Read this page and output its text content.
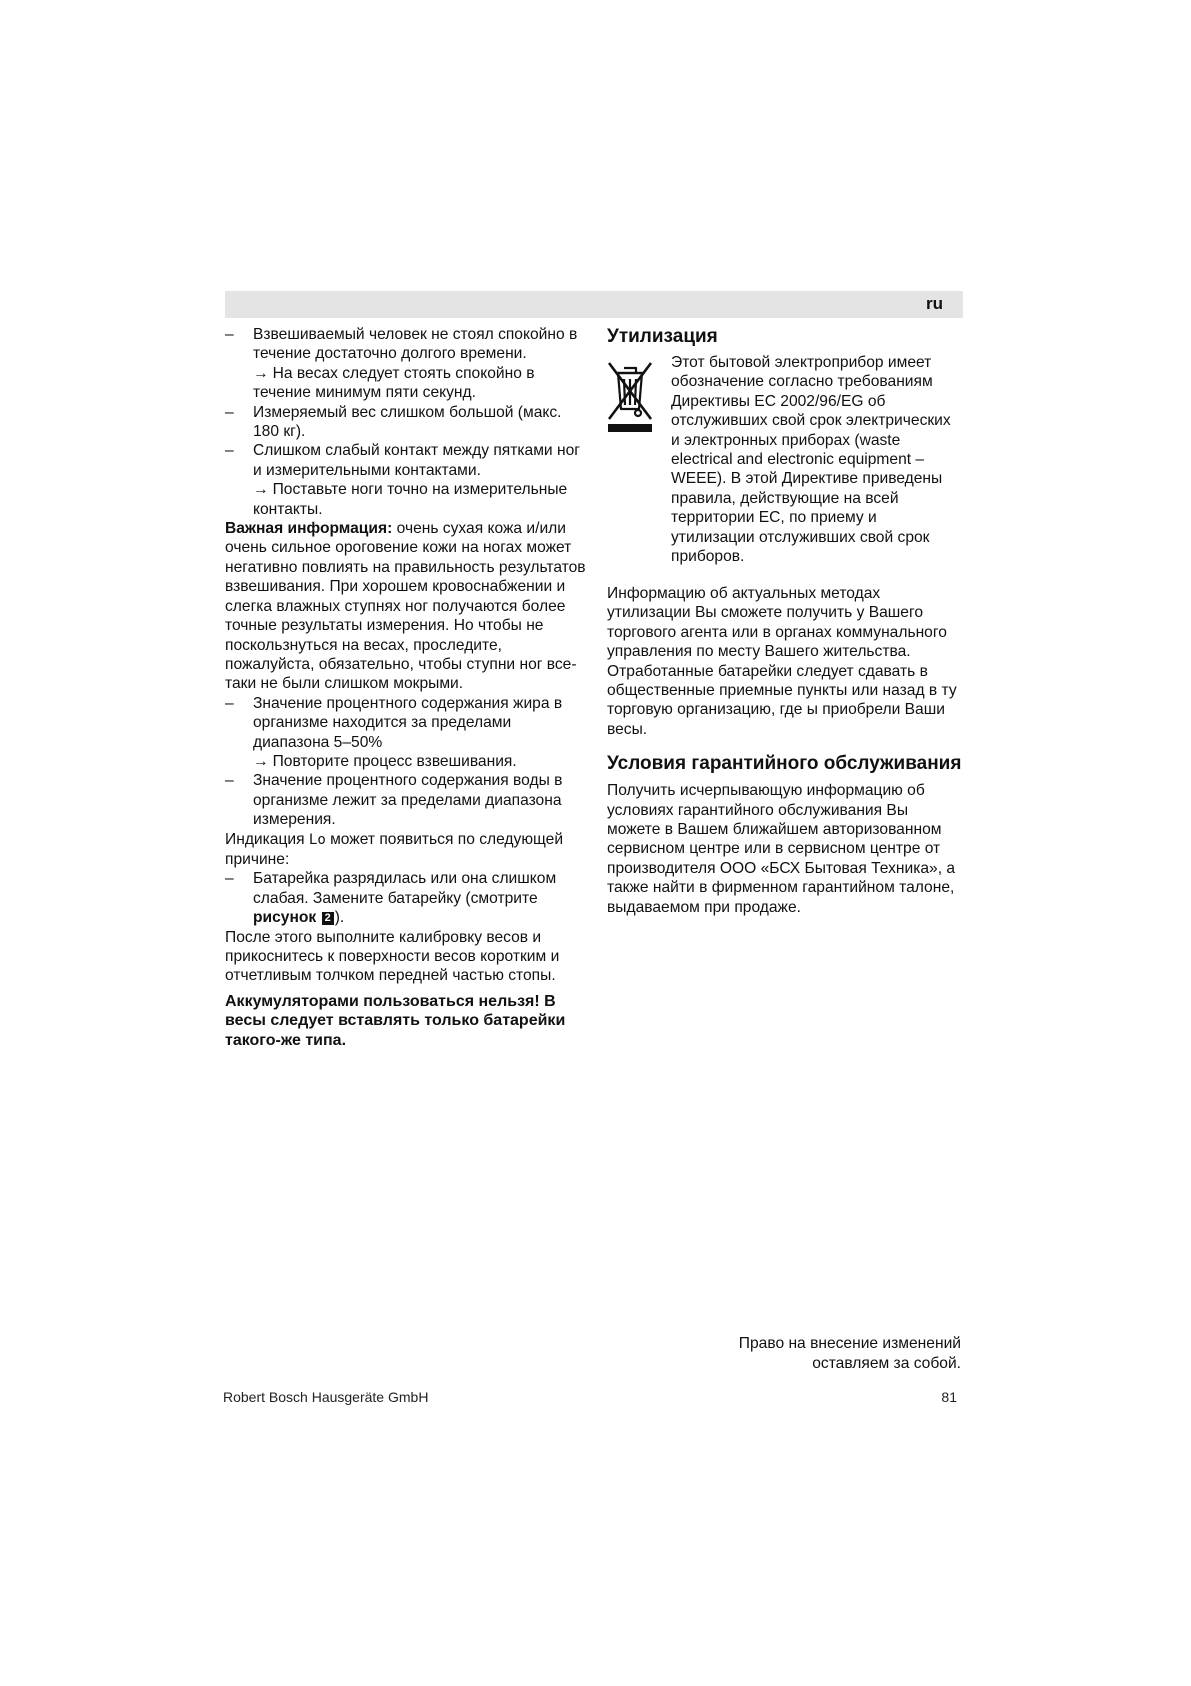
ru
– Взвешиваемый человек не стоял спокойно в течение достаточно долгого времени.

→ На весах следует стоять спокойно в течение минимум пяти секунд.
– Измеряемый вес слишком большой (макс. 180 кг).

– Слишком слабый контакт между пятками ног и измерительными контактами.

→ Поставьте ноги точно на измерительные контакты.

Важная информация: очень сухая кожа и/или очень сильное ороговение кожи на ногах может негативно повлиять на правильность результатов взвешивания. При хорошем кровоснабжении и слегка влажных ступнях ног получаются более точные результаты измерения. Но чтобы не поскользнуться на весах, проследите, пожалуйста, обязательно, чтобы ступни ног все-таки не были слишком мокрыми.

– Значение процентного содержания жира в организме находится за пределами диапазона 5–50%

→ Повторите процесс взвешивания.
– Значение процентного содержания воды в организме лежит за пределами диапазона измерения.

Индикация Lo может появиться по следующей причине:

– Батарейка разрядилась или она слишком слабая. Замените батарейку (смотрите рисунок 2 ).

После этого выполните калибровку весов и прикоснитесь к поверхности весов коротким и отчетливым толчком передней частью стопы.

Аккумуляторами пользоваться нельзя! В весы следует вставлять только батарейки такого-же типа.

Утилизация

Этот бытовой электроприбор имеет обозначение согласно требованиям Директивы ЕС 2002/96/EG об отслуживших свой срок электрических и электронных приборах (waste electrical and electronic equipment – WEEE). В этой Директиве приведены правила, действующие на всей территории ЕС, по приему и утилизации отслуживших свой срок приборов.

Информацию об актуальных методах утилизации Вы сможете получить у Вашего торгового агента или в органах коммунального управления по месту Вашего жительства.

Отработанные батарейки следует сдавать в общественные приемные пункты или назад в ту торговую организацию, где ы приобрели Ваши весы.

Условия гарантийного обслуживания

Получить исчерпывающую информацию об условиях гарантийного обслуживания Вы можете в Вашем ближайшем авторизованном сервисном центре или в сервисном центре от производителя ООО «БСХ Бытовая Техника», а также найти в фирменном гарантийном талоне, выдаваемом при продаже.

Право на внесение изменений
оставляем за собой.
Robert Bosch Hausgeräte GmbH	81
